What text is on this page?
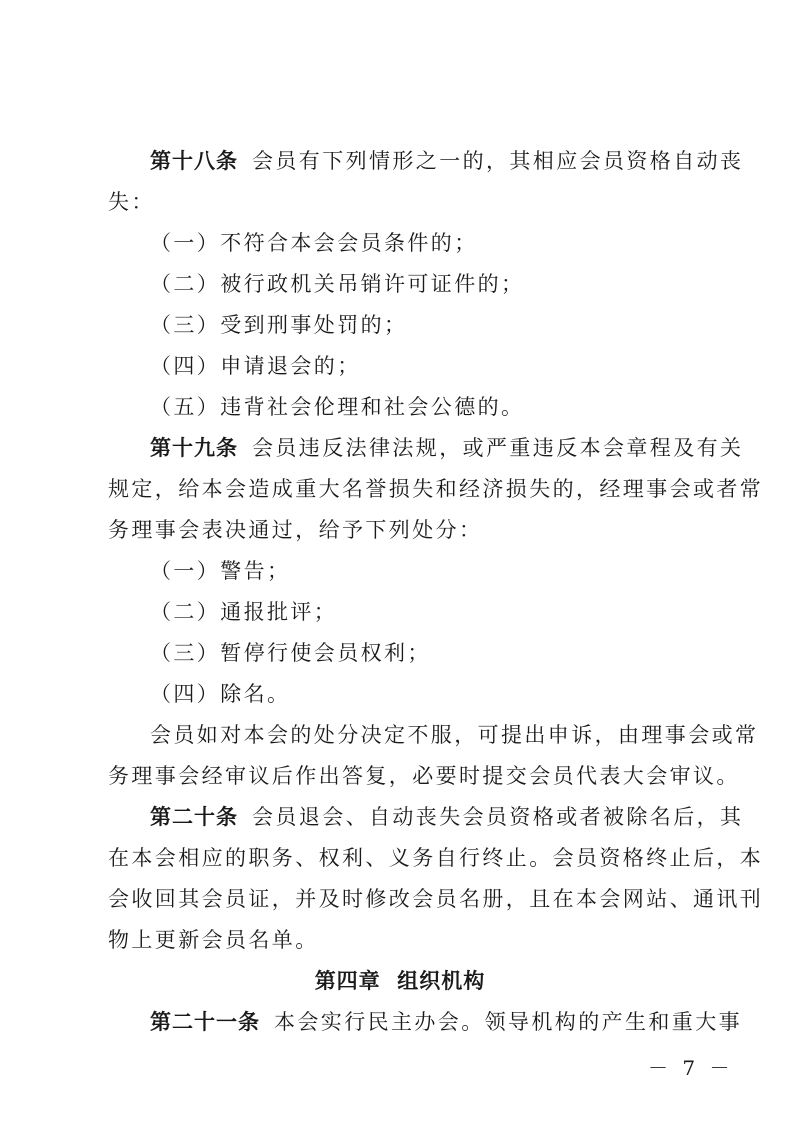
第十八条 会员有下列情形之一的，其相应会员资格自动丧
失：
（一）不符合本会会员条件的；
（二）被行政机关吊销许可证件的；
（三）受到刑事处罚的；
（四）申请退会的；
（五）违背社会伦理和社会公德的。
第十九条 会员违反法律法规，或严重违反本会章程及有关
规定，给本会造成重大名誉损失和经济损失的，经理事会或者常
务理事会表决通过，给予下列处分：
（一）警告；
（二）通报批评；
（三）暂停行使会员权利；
（四）除名。
会员如对本会的处分决定不服，可提出申诉，由理事会或常
务理事会经审议后作出答复，必要时提交会员代表大会审议。
第二十条 会员退会、自动丧失会员资格或者被除名后，其
在本会相应的职务、权利、义务自行终止。会员资格终止后，本
会收回其会员证，并及时修改会员名册，且在本会网站、通讯刊
物上更新会员名单。
第四章  组织机构
第二十一条 本会实行民主办会。领导机构的产生和重大事
－ 7 －
